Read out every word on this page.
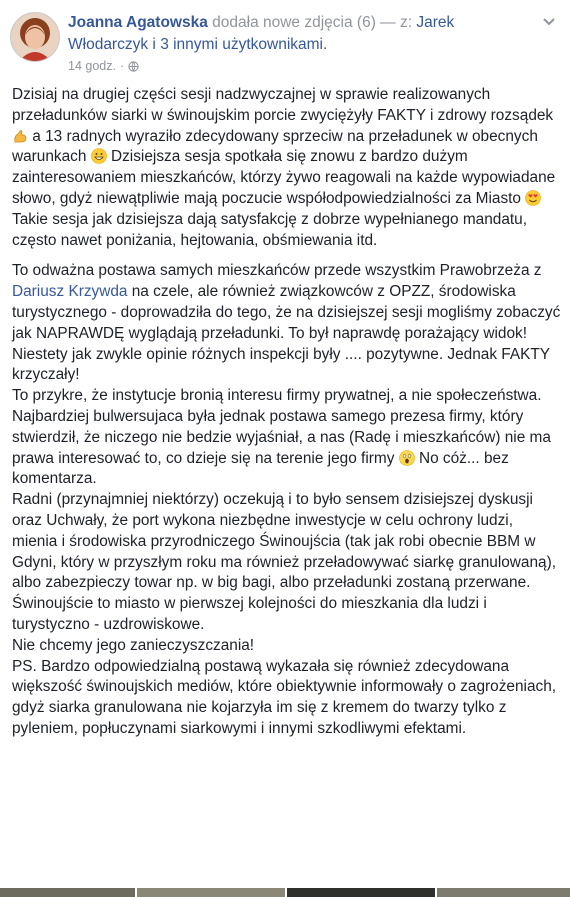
Joanna Agatowska dodała nowe zdjęcia (6) — z: Jarek Włodarczyk i 3 innymi użytkownikami.
14 godz. ·

Dzisiaj na drugiej części sesji nadzwyczajnej w sprawie realizowanych przeładunków siarki w świnoujskim porcie zwyciężyły FAKTY i zdrowy rozsądek  a 13 radnych wyraziło zdecydowany sprzeciw na przeładunek w obecnych warunkach Dzisiejsza sesja spotkała się znowu z bardzo dużym zainteresowaniem mieszkańców, którzy żywo reagowali na każde wypowiadane słowo, gdyż niewątpliwie mają poczucie współodpowiedzialności za Miasto
Takie sesja jak dzisiejsza dają satysfakcję z dobrze wypełnianego mandatu, często nawet poniżania, hejtowania, obśmiewania itd.

To odważna postawa samych mieszkańców przede wszystkim Prawobrzeża z Dariusz Krzywda na czele, ale również związkowców z OPZZ, środowiska turystycznego - doprowadziła do tego, że na dzisiejszej sesji mogliśmy zobaczyć jak NAPRAWDĘ wyglądają przeładunki. To był naprawdę porażający widok!
Niestety jak zwykle opinie różnych inspekcji były .... pozytywne. Jednak FAKTY krzyczały!
To przykre, że instytucje bronią interesu firmy prywatnej, a nie społeczeństwa. Najbardziej bulwersujaca była jednak postawa samego prezesa firmy, który stwierdził, że niczego nie bedzie wyjaśniał, a nas (Radę i mieszkańców) nie ma prawa interesować to, co dzieje się na terenie jego firmy No cóż... bez komentarza.
Radni (przynajmniej niektórzy) oczekują i to było sensem dzisiejszej dyskusji oraz Uchwały, że port wykona niezbędne inwestycje w celu ochrony ludzi, mienia i środowiska przyrodniczego Świnoujścia (tak jak robi obecnie BBM w Gdyni, który w przyszłym roku ma również przeładowywać siarkę granulowaną), albo zabezpieczy towar np. w big bagi, albo przeładunki zostaną przerwane. Świnoujście to miasto w pierwszej kolejności do mieszkania dla ludzi i turystyczno - uzdrowiskowe.
Nie chcemy jego zanieczyszczania!
PS. Bardzo odpowiedzialną postawą wykazała się również zdecydowana większość świnoujskich mediów, które obiektywnie informowały o zagrożeniach, gdyż siarka granulowana nie kojarzyła im się z kremem do twarzy tylko z pyleniem, popłuczynami siarkowymi i innymi szkodliwymi efektami.
